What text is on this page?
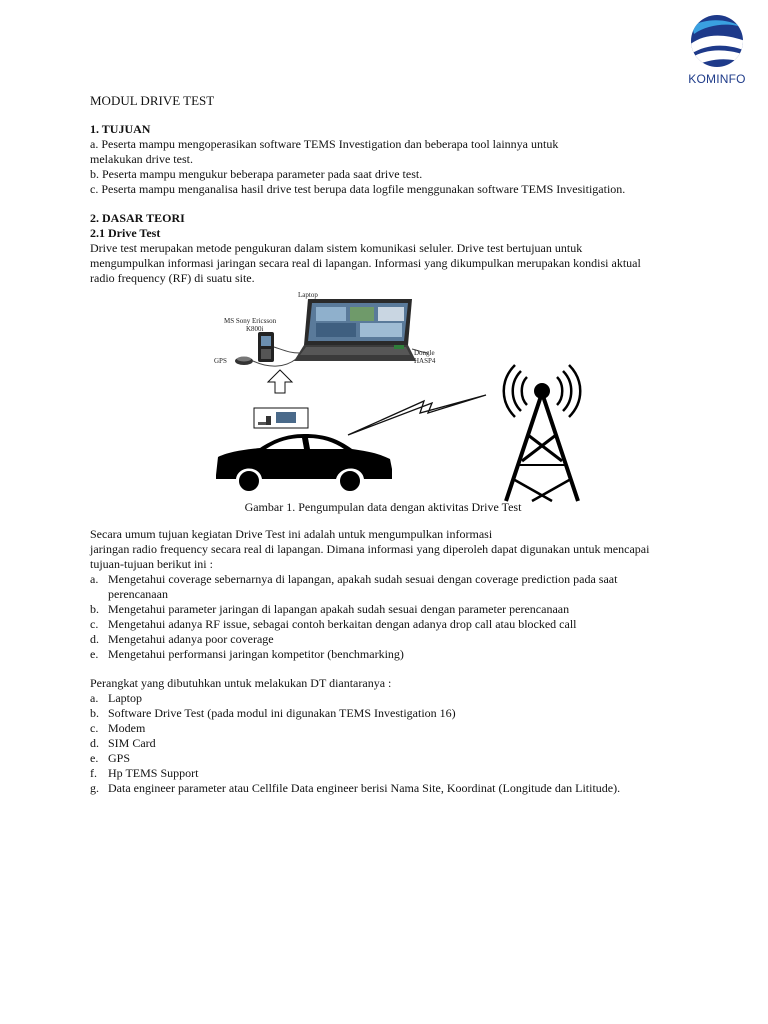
KOMINFO
MODUL DRIVE TEST
1. TUJUAN
a. Peserta mampu mengoperasikan software TEMS Investigation dan beberapa tool lainnya untuk
melakukan drive test.
b. Peserta mampu mengukur beberapa parameter pada saat drive test.
c. Peserta mampu menganalisa hasil drive test berupa data logfile menggunakan software TEMS Invesitigation.
2. DASAR TEORI
2.1 Drive Test
Drive test merupakan metode pengukuran dalam sistem komunikasi seluler. Drive test bertujuan untuk
mengumpulkan informasi jaringan secara real di lapangan. Informasi yang dikumpulkan merupakan kondisi aktual
radio frequency (RF) di suatu site.
Laptop
MS Sony Ericsson
K800i
GPS
Dongle
HASP4
Gambar 1. Pengumpulan data dengan aktivitas Drive Test
Secara umum tujuan kegiatan Drive Test ini adalah untuk mengumpulkan informasi
jaringan radio frequency secara real di lapangan. Dimana informasi yang diperoleh dapat digunakan untuk mencapai
tujuan-tujuan berikut ini :
a. Mengetahui coverage sebernarnya di lapangan, apakah sudah sesuai dengan coverage prediction pada saat
perencanaan
b. Mengetahui parameter jaringan di lapangan apakah sudah sesuai dengan parameter perencanaan
c. Mengetahui adanya RF issue, sebagai contoh berkaitan dengan adanya drop call atau blocked call
d. Mengetahui adanya poor coverage
e. Mengetahui performansi jaringan kompetitor (benchmarking)
Perangkat yang dibutuhkan untuk melakukan DT diantaranya :
a. Laptop
b. Software Drive Test (pada modul ini digunakan TEMS Investigation 16)
c. Modem
d. SIM Card
e. GPS
f. Hp TEMS Support
g. Data engineer parameter atau Cellfile Data engineer berisi Nama Site, Koordinat (Longitude dan Lititude).
